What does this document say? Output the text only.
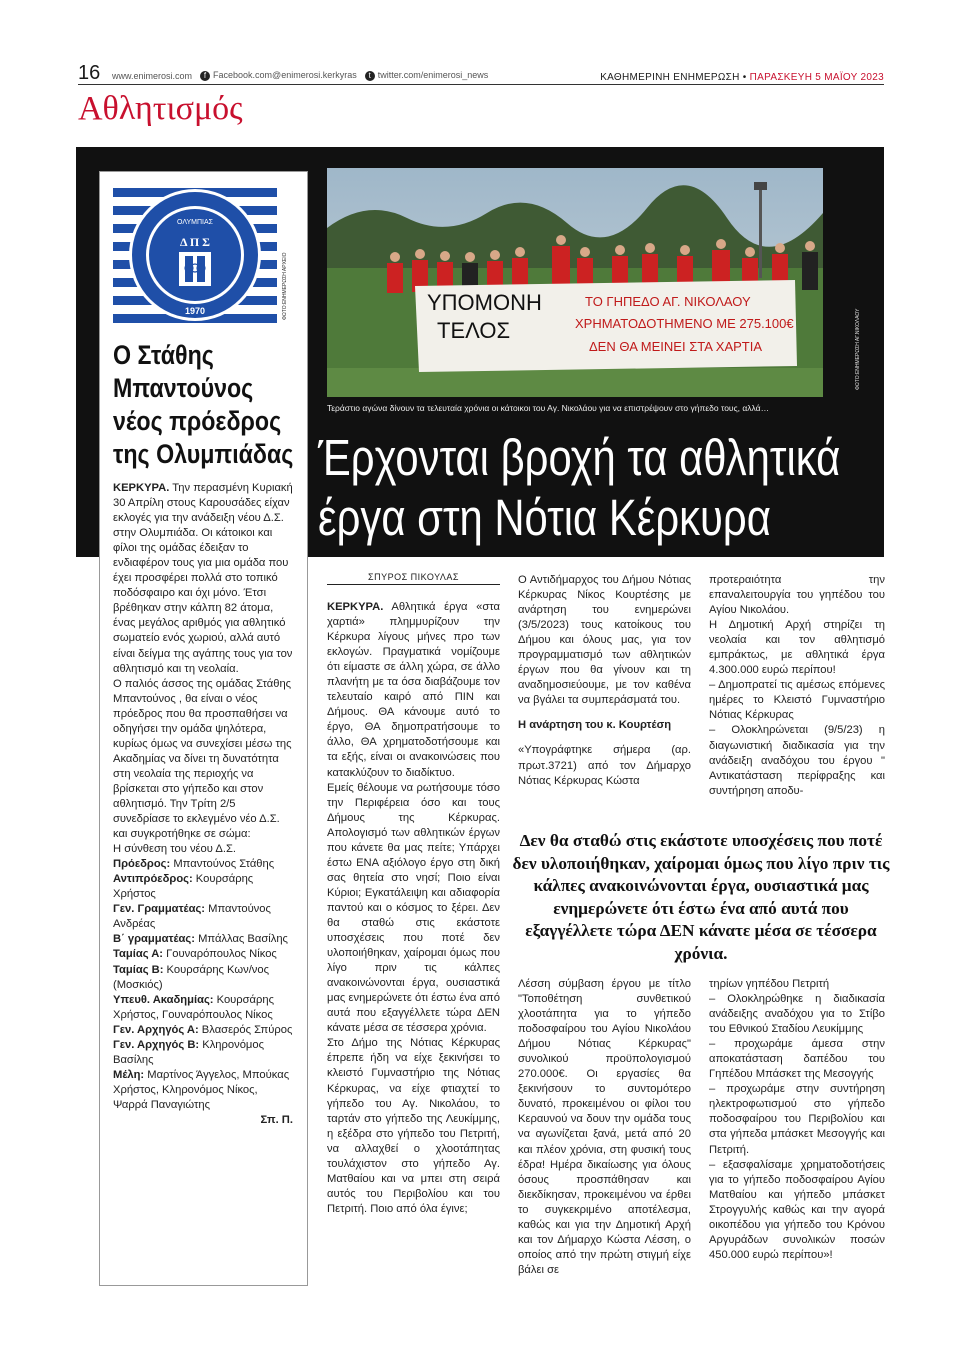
16 www.enimerosi.com	f Facebook.com@enimerosi.kerkyras	t twitter.com/enimerosi_news	ΚΑΘΗΜΕΡΙΝΗ ΕΝΗΜΕΡΩΣΗ • ΠΑΡΑΣΚΕΥΗ 5 ΜΑΪΟΥ 2023
Αθλητισμός
ΟΛΥΜΠΙΑΣ
Δ Π Σ
1970	ΦΩΤΟ:ΕΝΗΜΕΡΩΣΗ ΑΡΧΕΙΟ
Ο Στάθης Μπαντούνος νέος πρόεδρος της Ολυμπιάδας

ΚΕΡΚΥΡΑ. Την περασμένη Κυριακή 30 Απρίλη στους Καρουσάδες είχαν εκλογές για την ανάδειξη νέου Δ.Σ. στην Ολυμπιάδα. Οι κάτοικοι και φίλοι της ομάδας έδειξαν το ενδιαφέρον τους για μια ομάδα που έχει προσφέρει πολλά στο τοπικό ποδόσφαιρο και όχι μόνο. Έτσι βρέθηκαν στην κάλπη 82 άτομα, ένας μεγάλος αριθμός για αθλητικό σωματείο ενός χωριού, αλλά αυτό είναι δείγμα της αγάπης τους για τον αθλητισμό και τη νεολαία.

Ο παλιός άσσος της ομάδας Στάθης Μπαντούνος , θα είναι ο νέος πρόεδρος που θα προσπαθήσει να οδηγήσει την ομάδα ψηλότερα, κυρίως όμως να συνεχίσει μέσω της Ακαδημίας να δίνει τη δυνατότητα στη νεολαία της περιοχής να βρίσκεται στο γήπεδο και στον αθλητισμό. Την Τρίτη 2/5 συνεδρίασε το εκλεγμένο νέο Δ.Σ. και συγκροτήθηκε σε σώμα:

Η σύνθεση του νέου Δ.Σ.

Πρόεδρος: Μπαντούνος Στάθης

Αντιπρόεδρος: Κουρσάρης Χρήστος

Γεν. Γραμματέας: Μπαντούνος Ανδρέας

Β΄ γραμματέας: Μπάλλας Βασίλης

Ταμίας Α: Γουναρόπουλος Νίκος

Ταμίας Β: Κουρσάρης Κων/νος (Μοσκιός)

Υπευθ. Ακαδημίας: Κουρσάρης Χρήστος, Γουναρόπουλος Νίκος

Γεν. Αρχηγός Α: Βλασερός Σπύρος

Γεν. Αρχηγός Β: Κληρονόμος Βασίλης

Μέλη: Μαρτίνος Άγγελος, Μπούκας Χρήστος, Κληρονόμος Νίκος, Ψαρρά Παναγιώτης

Σπ. Π.

ΥΠΟΜΟΝΗ
ΤΕΛΟΣ
ΤΟ ΓΗΠΕΔΟ ΑΓ. ΝΙΚΟΛΑΟΥ
ΧΡΗΜΑΤΟΔΟΤΗΜΕΝΟ ΜΕ 275.100€
ΔΕΝ ΘΑ ΜΕΙΝΕΙ ΣΤΑ ΧΑΡΤΙΑ	ΦΩΤΟ:ΕΝΗΜΕΡΩΣΗ ΑΓ.ΝΙΚΟΛΑΟΥ
Τεράστιο αγώνα δίνουν τα τελευταία χρόνια οι κάτοικοι του Αγ. Νικολάου για να επιστρέψουν στο γήπεδο τους, αλλά…
Έρχονται βροχή τα αθλητικά έργα στη Νότια Κέρκυρα
ΣΠΥΡΟΣ ΠΙΚΟΥΛΑΣ

ΚΕΡΚΥΡΑ. Αθλητικά έργα «στα χαρτιά» πλημμυρίζουν την Κέρκυρα λίγους μήνες προ των εκλογών. Πραγματικά νομίζουμε ότι είμαστε σε άλλη χώρα, σε άλλο πλανήτη με τα όσα διαβάζουμε τον τελευταίο καιρό από ΠΙΝ και Δήμους. ΘΑ κάνουμε αυτό το έργο, ΘΑ δημοπρατήσουμε το άλλο, ΘΑ χρηματοδοτήσουμε και τα εξής, είναι οι ανακοινώσεις που κατακλύζουν το διαδίκτυο.

Εμείς θέλουμε να ρωτήσουμε τόσο την Περιφέρεια όσο και τους Δήμους της Κέρκυρας. Απολογισμό των αθλητικών έργων που κάνετε θα μας πείτε; Υπάρχει έστω ΕΝΑ αξιόλογο έργο στη δική σας θητεία στο νησί; Ποιο είναι Κύριοι; Εγκατάλειψη και αδιαφορία παντού και ο κόσμος το ξέρει. Δεν θα σταθώ στις εκάστοτε υποσχέσεις που ποτέ δεν υλοποιήθηκαν, χαίρομαι όμως που λίγο πριν τις κάλπες ανακοινώνονται έργα, ουσιαστικά μας ενημερώνετε ότι έστω ένα από αυτά που εξαγγέλλετε τώρα ΔΕΝ κάνατε μέσα σε τέσσερα χρόνια.

Στο Δήμο της Νότιας Κέρκυρας έπρεπε ήδη να είχε ξεκινήσει το κλειστό Γυμναστήριο της Νότιας Κέρκυρας, να είχε φτιαχτεί το γήπεδο του Αγ. Νικολάου, το ταρτάν στο γήπεδο της Λευκίμμης, η εξέδρα στο γήπεδο του Πετριτή, να αλλαχθεί ο χλοοτάπητας τουλάχιστον στο γήπεδο Αγ. Ματθαίου και να μπει στη σειρά αυτός του Περιβολίου και του Πετριτή. Ποιο από όλα έγινε;

Ο Αντιδήμαρχος του Δήμου Νότιας Κέρκυρας Νίκος Κουρτέσης με ανάρτηση του ενημερώνει (3/5/2023) τους κατοίκους του Δήμου και όλους μας, για τον προγραμματισμό των αθλητικών έργων που θα γίνουν και τη αναδημοσιεύουμε, με τον καθένα να βγάλει τα συμπεράσματά του.

Η ανάρτηση του κ. Κουρτέση

«Υπογράφτηκε σήμερα (αρ. πρωτ.3721) από τον Δήμαρχο Νότιας Κέρκυρας Κώστα

προτεραιότητα την επαναλειτουργία του γηπέδου του Αγίου Νικολάου.

Η Δημοτική Αρχή στηρίζει τη νεολαία και τον αθλητισμό εμπράκτως, με αθλητικά έργα 4.300.000 ευρώ περίπου!

– Δημοπρατεί τις αμέσως επόμενες ημέρες το Κλειστό Γυμναστήριο Νότιας Κέρκυρας

– Ολοκληρώνεται (9/5/23) η διαγωνιστική διαδικασία για την ανάδειξη αναδόχου του έργου " Αντικατάσταση περίφραξης και συντήρηση αποδυ-

Δεν θα σταθώ στις εκάστοτε υποσχέσεις που ποτέ δεν υλοποιήθηκαν, χαίρομαι όμως που λίγο πριν τις κάλπες ανακοινώνονται έργα, ουσιαστικά μας ενημερώνετε ότι έστω ένα από αυτά που εξαγγέλλετε τώρα ΔΕΝ κάνατε μέσα σε τέσσερα χρόνια.

Λέσση σύμβαση έργου με τίτλο "Τοποθέτηση συνθετικού χλοοτάπητα για το γήπεδο ποδοσφαίρου του Αγίου Νικολάου Δήμου Νότιας Κέρκυρας" συνολικού προϋπολογισμού 270.000€. Οι εργασίες θα ξεκινήσουν το συντομότερο δυνατό, προκειμένου οι φίλοι του Κεραυνού να δουν την ομάδα τους να αγωνίζεται ξανά, μετά από 20 και πλέον χρόνια, στη φυσική τους έδρα! Ημέρα δικαίωσης για όλους όσους προσπάθησαν και διεκδίκησαν, προκειμένου να έρθει το συγκεκριμένο αποτέλεσμα, καθώς και για την Δημοτική Αρχή και τον Δήμαρχο Κώστα Λέσση, ο οποίος από την πρώτη στιγμή είχε βάλει σε

τηρίων γηπέδου Πετριτή

– Ολοκληρώθηκε η διαδικασία ανάδειξης αναδόχου για το Στίβο του Εθνικού Σταδίου Λευκίμμης

– προχωράμε άμεσα στην αποκατάσταση δαπέδου του Γηπέδου Μπάσκετ της Μεσογγής

– προχωράμε στην συντήρηση ηλεκτροφωτισμού στο γήπεδο ποδοσφαίρου του Περιβολίου και στα γήπεδα μπάσκετ Μεσογγής και Πετριτή.

– εξασφαλίσαμε χρηματοδοτήσεις για το γήπεδο ποδοσφαίρου Αγίου Ματθαίου και γήπεδο μπάσκετ Στρογγυλής καθώς και την αγορά οικοπέδου για γήπεδο του Κρόνου Αργυράδων συνολικών ποσών 450.000 ευρώ περίπου»!
